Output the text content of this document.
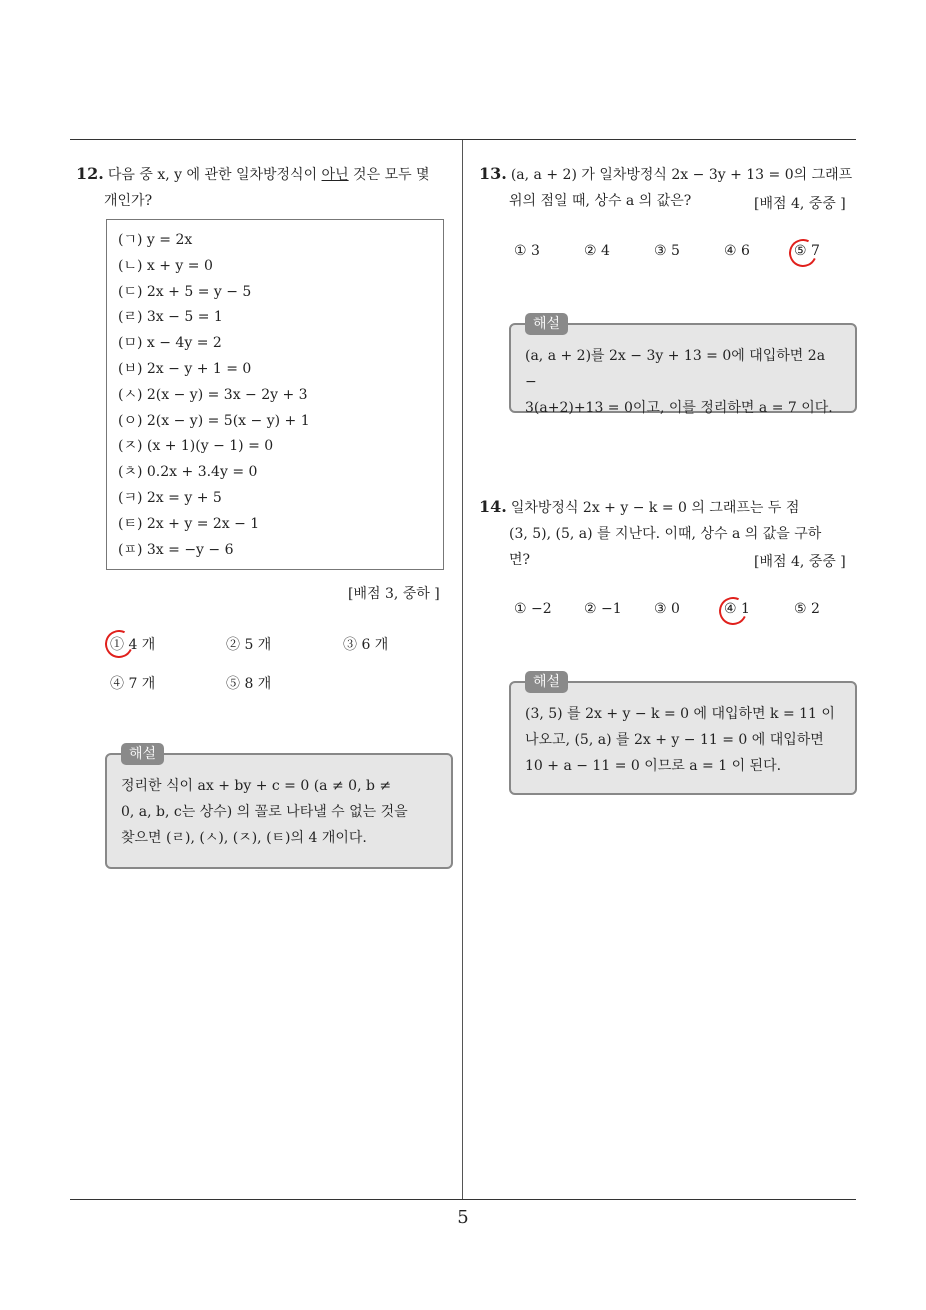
12. 다음 중 x, y 에 관한 일차방정식이 아닌 것은 모두 몇
개인가?
(ㄱ) y = 2x
(ㄴ) x + y = 0
(ㄷ) 2x + 5 = y − 5
(ㄹ) 3x − 5 = 1
(ㅁ) x − 4y = 2
(ㅂ) 2x − y + 1 = 0
(ㅅ) 2(x − y) = 3x − 2y + 3
(ㅇ) 2(x − y) = 5(x − y) + 1
(ㅈ) (x + 1)(y − 1) = 0
(ㅊ) 0.2x + 3.4y = 0
(ㅋ) 2x = y + 5
(ㅌ) 2x + y = 2x − 1
(ㅍ) 3x = −y − 6
[배점 3, 중하 ]
① 4 개	② 5 개	③ 6 개
④ 7 개	⑤ 8 개
해설
정리한 식이 ax + by + c = 0 (a ≠ 0, b ≠
0, a, b, c는 상수) 의 꼴로 나타낼 수 없는 것을
찾으면 (ㄹ), (ㅅ), (ㅈ), (ㅌ)의 4 개이다.
13. (a, a + 2) 가 일차방정식 2x − 3y + 13 = 0의 그래프
위의 점일 때, 상수 a 의 값은?	[배점 4, 중중 ]
① 3	② 4	③ 5	④ 6	⑤ 7
해설
(a, a + 2)를 2x − 3y + 13 = 0에 대입하면 2a −
3(a+2)+13 = 0이고, 이를 정리하면 a = 7 이다.
14. 일차방정식 2x + y − k = 0 의 그래프는 두 점
(3, 5), (5, a) 를 지난다. 이때, 상수 a 의 값을 구하
면?	[배점 4, 중중 ]
① −2 ② −1 ③ 0	④ 1	⑤ 2
해설
(3, 5) 를 2x + y − k = 0 에 대입하면 k = 11 이
나오고, (5, a) 를 2x + y − 11 = 0 에 대입하면
10 + a − 11 = 0 이므로 a = 1 이 된다.
5
